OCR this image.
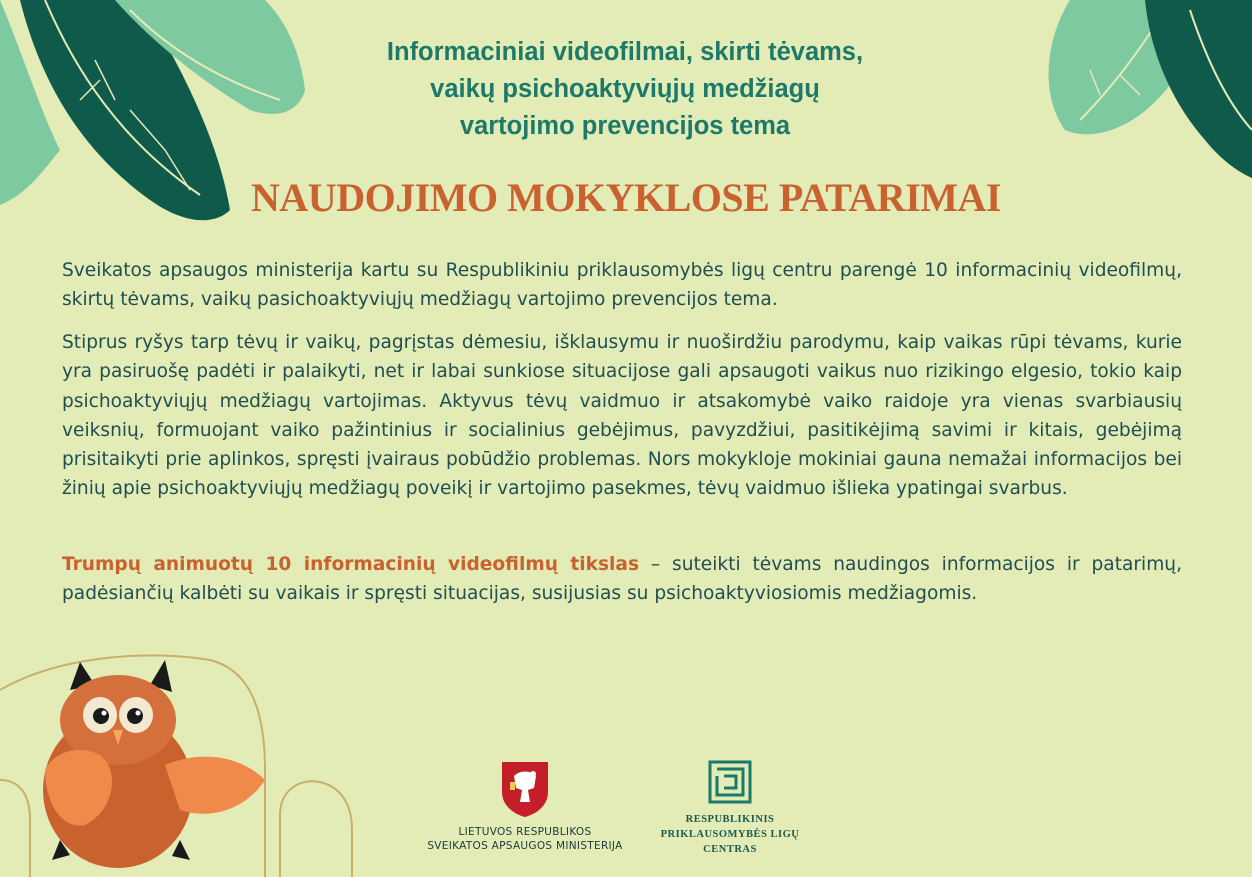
Informaciniai videofilmai, skirti tėvams,
vaikų psichoaktyviųjų medžiagų
vartojimo prevencijos tema
NAUDOJIMO MOKYKLOSE PATARIMAI

Sveikatos apsaugos ministerija kartu su Respublikiniu priklausomybės ligų centru parengė 10 informacinių videofilmų, skirtų tėvams, vaikų pasichoaktyviųjų medžiagų vartojimo prevencijos tema.

Stiprus ryšys tarp tėvų ir vaikų, pagrįstas dėmesiu, išklausymu ir nuoširdžiu parodymu, kaip vaikas rūpi tėvams, kurie yra pasiruošę padėti ir palaikyti, net ir labai sunkiose situacijose gali apsaugoti vaikus nuo rizikingo elgesio, tokio kaip psichoaktyviųjų medžiagų vartojimas. Aktyvus tėvų vaidmuo ir atsakomybė vaiko raidoje yra vienas svarbiausių veiksnių, formuojant vaiko pažintinius ir socialinius gebėjimus, pavyzdžiui, pasitikėjimą savimi ir kitais, gebėjimą prisitaikyti prie aplinkos, spręsti įvairaus pobūdžio problemas. Nors mokykloje mokiniai gauna nemažai informacijos bei žinių apie psichoaktyviųjų medžiagų poveikį ir vartojimo pasekmes, tėvų vaidmuo išlieka ypatingai svarbus.

Trumpų animuotų 10 informacinių videofilmų tikslas – suteikti tėvams naudingos informacijos ir patarimų, padėsiančių kalbėti su vaikais ir spręsti situacijas, susijusias su psichoaktyviosiomis medžiagomis.

LIETUVOS RESPUBLIKOS
SVEIKATOS APSAUGOS MINISTERIJA
RESPUBLIKINIS
PRIKLAUSOMYBĖS LIGŲ
CENTRAS
